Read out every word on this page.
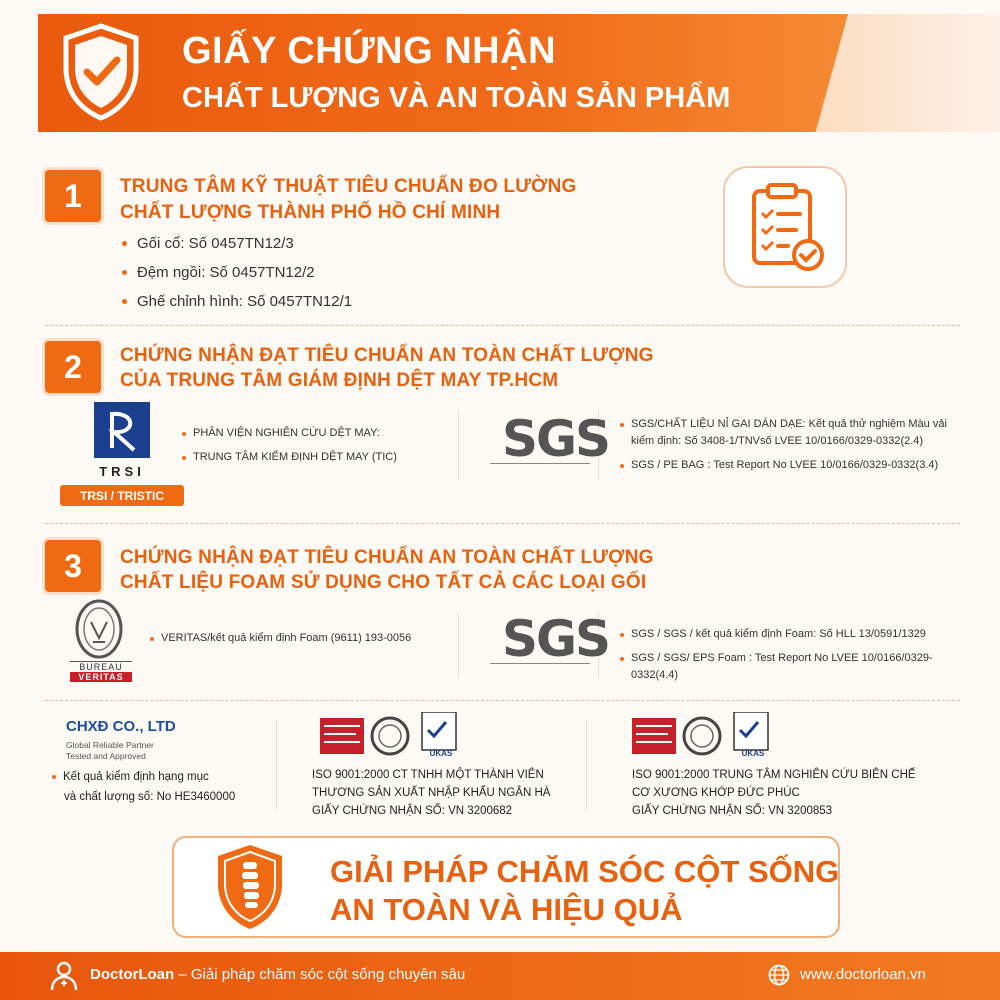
GIẤY CHỨNG NHẬN
CHẤT LƯỢNG VÀ AN TOÀN SẢN PHẨM
1	TRUNG TÂM KỸ THUẬT TIÊU CHUẨN ĐO LƯỜNG
CHẤT LƯỢNG THÀNH PHỐ HỒ CHÍ MINH
Gối cổ: Số 0457TN12/3
Đệm ngồi: Số 0457TN12/2
Ghế chỉnh hình: Số 0457TN12/1
2	CHỨNG NHẬN ĐẠT TIÊU CHUẨN AN TOÀN CHẤT LƯỢNG
CỦA TRUNG TÂM GIÁM ĐỊNH DỆT MAY TP.HCM
TRSI
TRSI / TRISTIC
PHÂN VIỆN NGHIÊN CỨU DỆT MAY:
TRUNG TÂM KIỂM ĐỊNH DỆT MAY (TIC) SGS SGS/CHẤT LIỆU NỈ GAI DÁN DẠE: Kết quả thử nghiệm Màu vải kiểm định: Số 3408-1/TNVsố LVEE 10/0166/0329-0332(2.4)
SGS / PE BAG : Test Report No LVEE 10/0166/0329-0332(3.4)
3	CHỨNG NHẬN ĐẠT TIÊU CHUẨN AN TOÀN CHẤT LƯỢNG
CHẤT LIỆU FOAM SỬ DỤNG CHO TẤT CẢ CÁC LOẠI GỐI
BUREAU
VERITAS
VERITAS/kết quả kiểm định Foam (9611) 193-0056 SGS SGS / SGS / kết quả kiểm định Foam: Số HLL 13/0591/1329
SGS / SGS/ EPS Foam : Test Report No LVEE 10/0166/0329-0332(4.4)
CHXĐ CO., LTD
Global Reliable Partner
Tested and Approved
Kết quả kiểm định hạng mục
và chất lượng số: No HE3460000
UKAS
ISO 9001:2000 CT TNHH MỘT THÀNH VIÊN
THƯƠNG SẢN XUẤT NHẬP KHẨU NGÂN HÀ
GIẤY CHỨNG NHẬN SỐ: VN 3200682
UKAS
ISO 9001:2000 TRUNG TÂM NGHIÊN CỨU BIÊN CHẾ
CƠ XƯƠNG KHỚP ĐỨC PHÚC
GIẤY CHỨNG NHẬN SỐ: VN 3200853
GIẢI PHÁP CHĂM SÓC CỘT SỐNG
AN TOÀN VÀ HIỆU QUẢ
DoctorLoan – Giải pháp chăm sóc cột sống chuyên sâu	www.doctorloan.vn
